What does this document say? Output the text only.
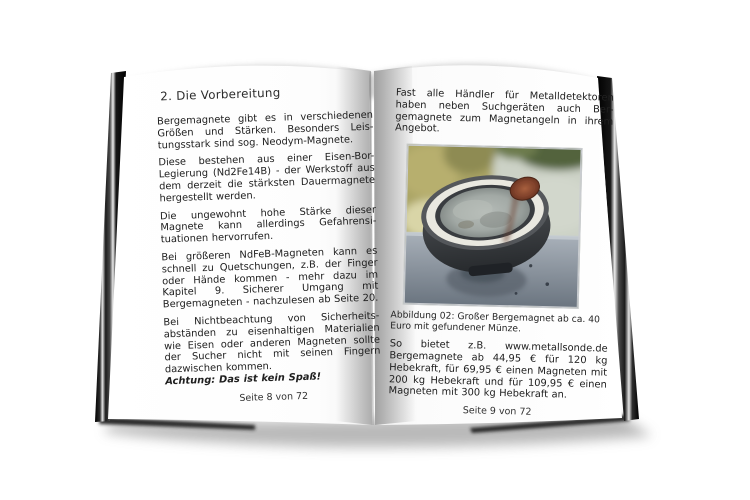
2. Die Vorbereitung

Bergemagnete gibt es in verschiedenen Größen und Stärken. Besonders Leistungsstark sind sog. Neodym-Magnete.

Diese bestehen aus einer Eisen-Bor-Legierung (Nd2Fe14B) - der Werkstoff aus dem derzeit die stärksten Dauermagnete hergestellt werden.

Die ungewohnt hohe Stärke dieser Magnete kann allerdings Gefahrensituationen hervorrufen.

Bei größeren NdFeB-Magneten kann es schnell zu Quetschungen, z.B. der Finger oder Hände kommen - mehr dazu im Kapitel 9. Sicherer Umgang mit Bergemagneten - nachzulesen ab Seite 20.

Bei Nichtbeachtung von Sicherheitsabständen zu eisenhaltigen Materialien wie Eisen oder anderen Magneten sollte der Sucher nicht mit seinen Fingern dazwischen kommen.

Achtung: Das ist kein Spaß!

Seite 8 von 72

Fast alle Händler für Metalldetektoren haben neben Suchgeräten auch Bergemagnete zum Magnetangeln in ihrem Angebot.

Abbildung 02: Großer Bergemagnet ab ca. 40 Euro mit gefundener Münze.

So bietet z.B. www.metallsonde.de Bergemagnete ab 44,95 € für 120 kg Hebekraft, für 69,95 € einen Magneten mit 200 kg Hebekraft und für 109,95 € einen Magneten mit 300 kg Hebekraft an.

Seite 9 von 72
